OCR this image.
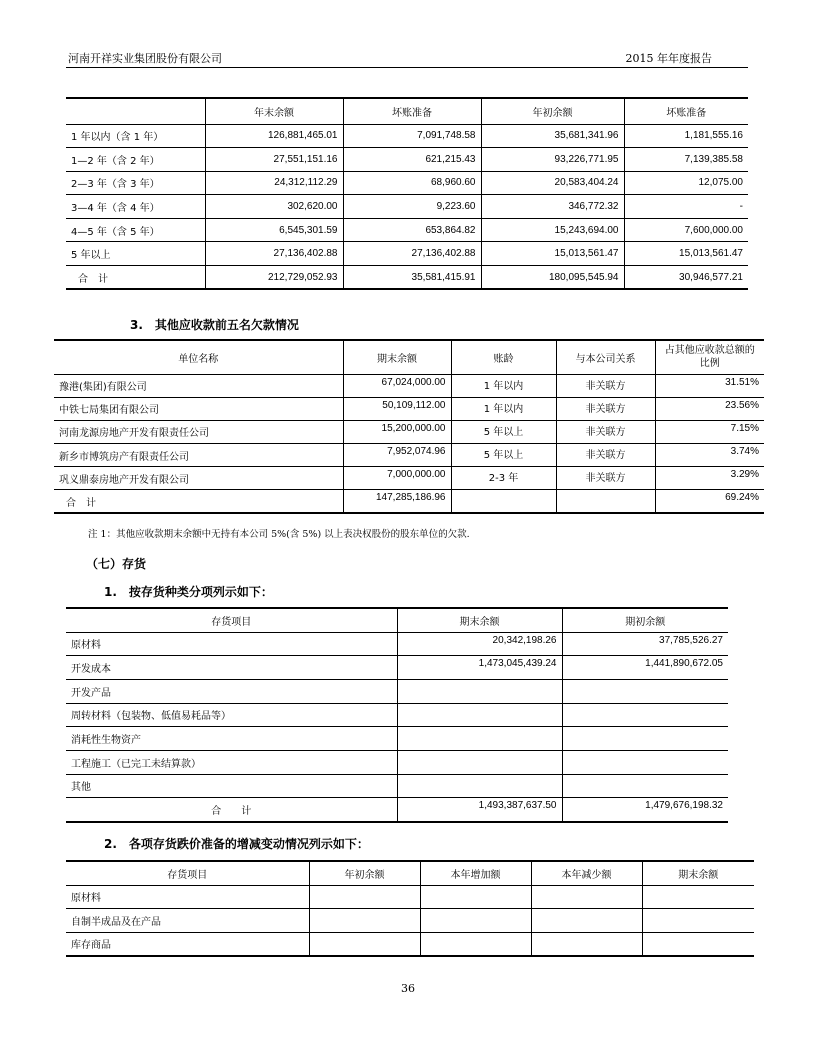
河南开祥实业集团股份有限公司	2015 年年度报告
	年末余额	坏账准备	年初余额	坏账准备
1 年以内（含 1 年）	126,881,465.01	7,091,748.58	35,681,341.96	1,181,555.16
1—2 年（含 2 年）	27,551,151.16	621,215.43	93,226,771.95	7,139,385.58
2—3 年（含 3 年）	24,312,112.29	68,960.60	20,583,404.24	12,075.00
3—4 年（含 4 年）	302,620.00	9,223.60	346,772.32	-
4—5 年（含 5 年）	6,545,301.59	653,864.82	15,243,694.00	7,600,000.00
5 年以上	27,136,402.88	27,136,402.88	15,013,561.47	15,013,561.47
合　计	212,729,052.93	35,581,415.91	180,095,545.94	30,946,577.21
3.　其他应收款前五名欠款情况
单位名称	期末余额	账龄	与本公司关系	占其他应收款总额的比例
豫港(集团)有限公司	67,024,000.00	1 年以内	非关联方	31.51%
中铁七局集团有限公司	50,109,112.00	1 年以内	非关联方	23.56%
河南龙源房地产开发有限责任公司	15,200,000.00	5 年以上	非关联方	7.15%
新乡市博筑房产有限责任公司	7,952,074.96	5 年以上	非关联方	3.74%
巩义鼎泰房地产开发有限公司	7,000,000.00	2-3 年	非关联方	3.29%
合　计	147,285,186.96			69.24%
注 1：其他应收款期末余额中无持有本公司 5%(含 5%) 以上表决权股份的股东单位的欠款.
（七）存货
1.　按存货种类分项列示如下：
存货项目	期末余额	期初余额
原材料	20,342,198.26	37,785,526.27
开发成本	1,473,045,439.24	1,441,890,672.05
开发产品		
周转材料（包装物、低值易耗品等）		
消耗性生物资产		
工程施工（已完工未结算款）		
其他		
合　　计	1,493,387,637.50	1,479,676,198.32
2.　各项存货跌价准备的增减变动情况列示如下：
存货项目	年初余额	本年增加额	本年减少额	期末余额
原材料				
自制半成品及在产品				
库存商品				
36
